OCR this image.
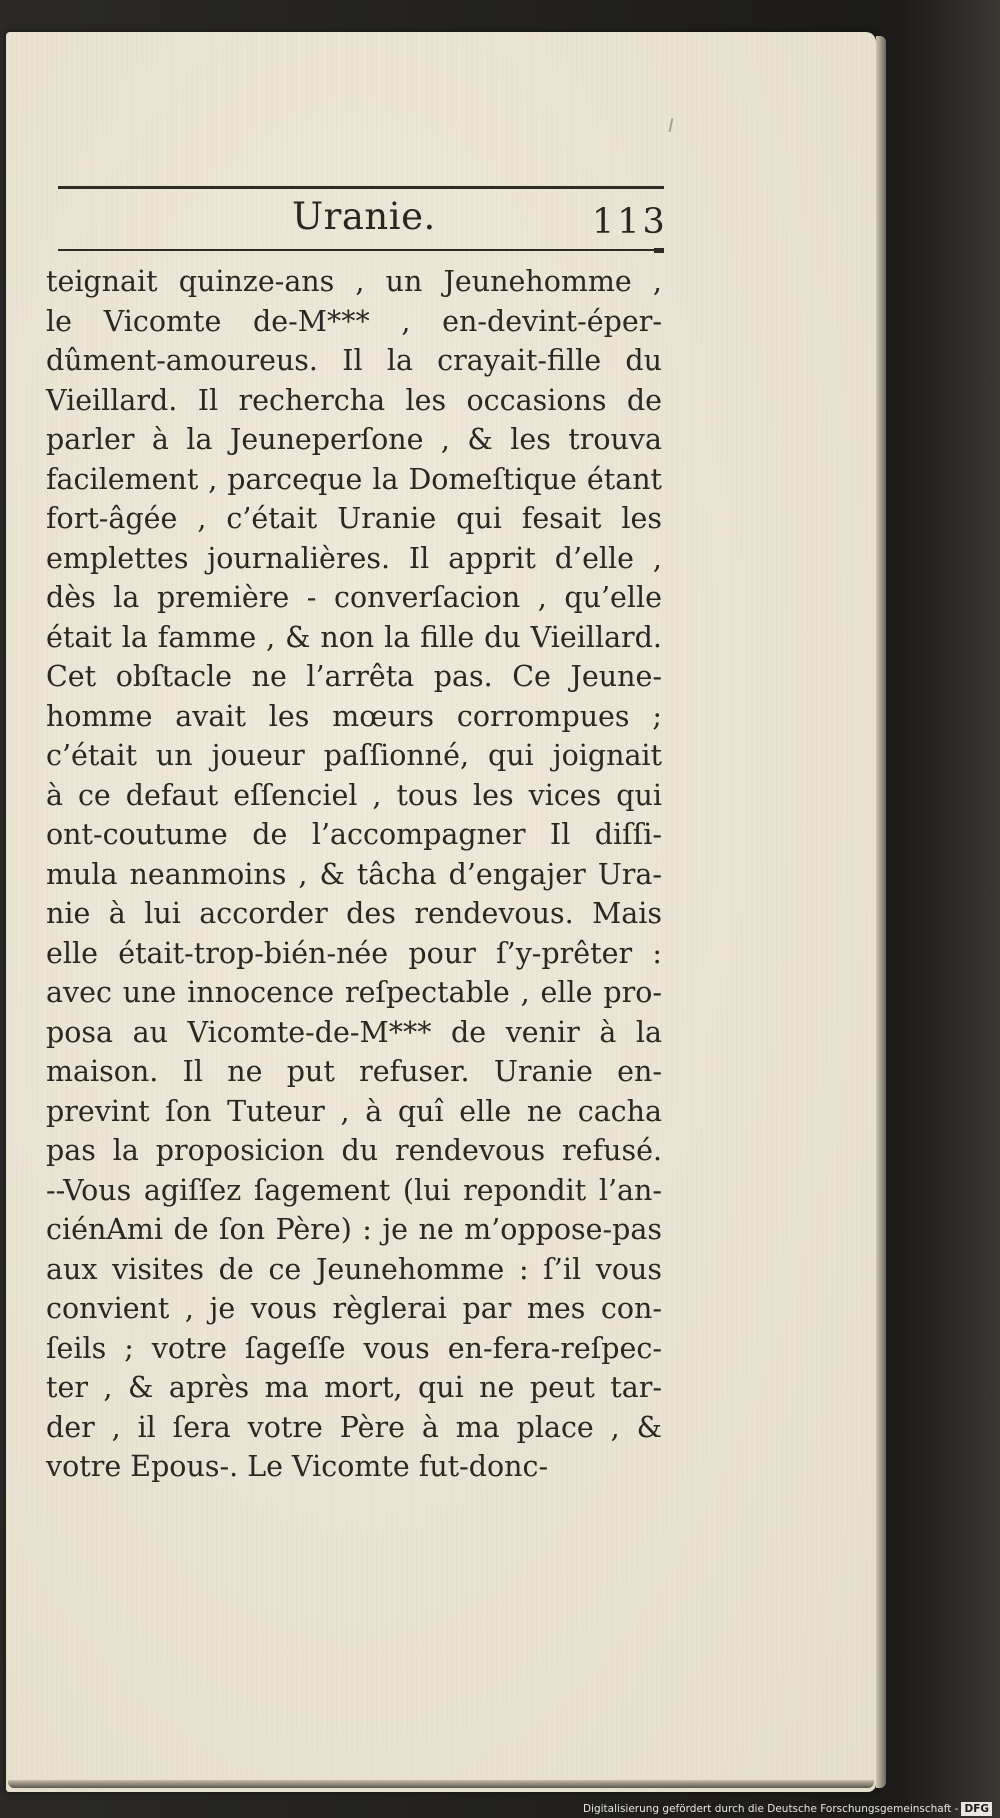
Uranie.	113
teignait quinze-ans , un Jeunehomme ,
le Vicomte de-M*** , en-devint-éper-
dûment-amoureus. Il la crayait-fille du
Vieillard. Il recherchа les occasions de
parler à la Jeuneperſone , & les trouva
facilement , parceque la Domeſtique étant
fort-âgée , c’était Uranie qui fesait les
emplettes journalières. Il apprit d’elle ,
dès la première - converſacion , qu’elle
était la famme , & non la fille du Vieillard.
Cet obſtacle ne l’arrêta pas. Ce Jeune-
homme avait les mœurs corrompues ;
c’était un joueur paſſionné, qui joignait
à ce defaut eſſenciel , tous les vices qui
ont-coutume de l’accompagner Il diſſi-
mula neanmoins , & tâcha d’engajer Ura-
nie à lui accorder des rendevous. Mais
elle était-trop-bién-née pour ſ’y-prêter :
avec une innocence reſpectable , elle pro-
posa au Vicomte-de-M*** de venir à la
maison. Il ne put refuser. Uranie en-
prevint ſon Tuteur , à quî elle ne cacha
pas la proposicion du rendevous refusé.
--Vous agiſſez ſagement (lui repondit l’an-
ciénAmi de ſon Père) : je ne m’oppose-pas
aux visites de ce Jeunehomme : ſ’il vous
convient , je vous règlerai par mes con-
ſeils ; votre ſageſſe vous en-fera-reſpec-
ter , & après ma mort, qui ne peut tar-
der , il ſera votre Père à ma place , &
votre Epous-. Le Vicomte fut-donc-
Digitalisierung gefördert durch die Deutsche Forschungsgemeinschaft - DFG
